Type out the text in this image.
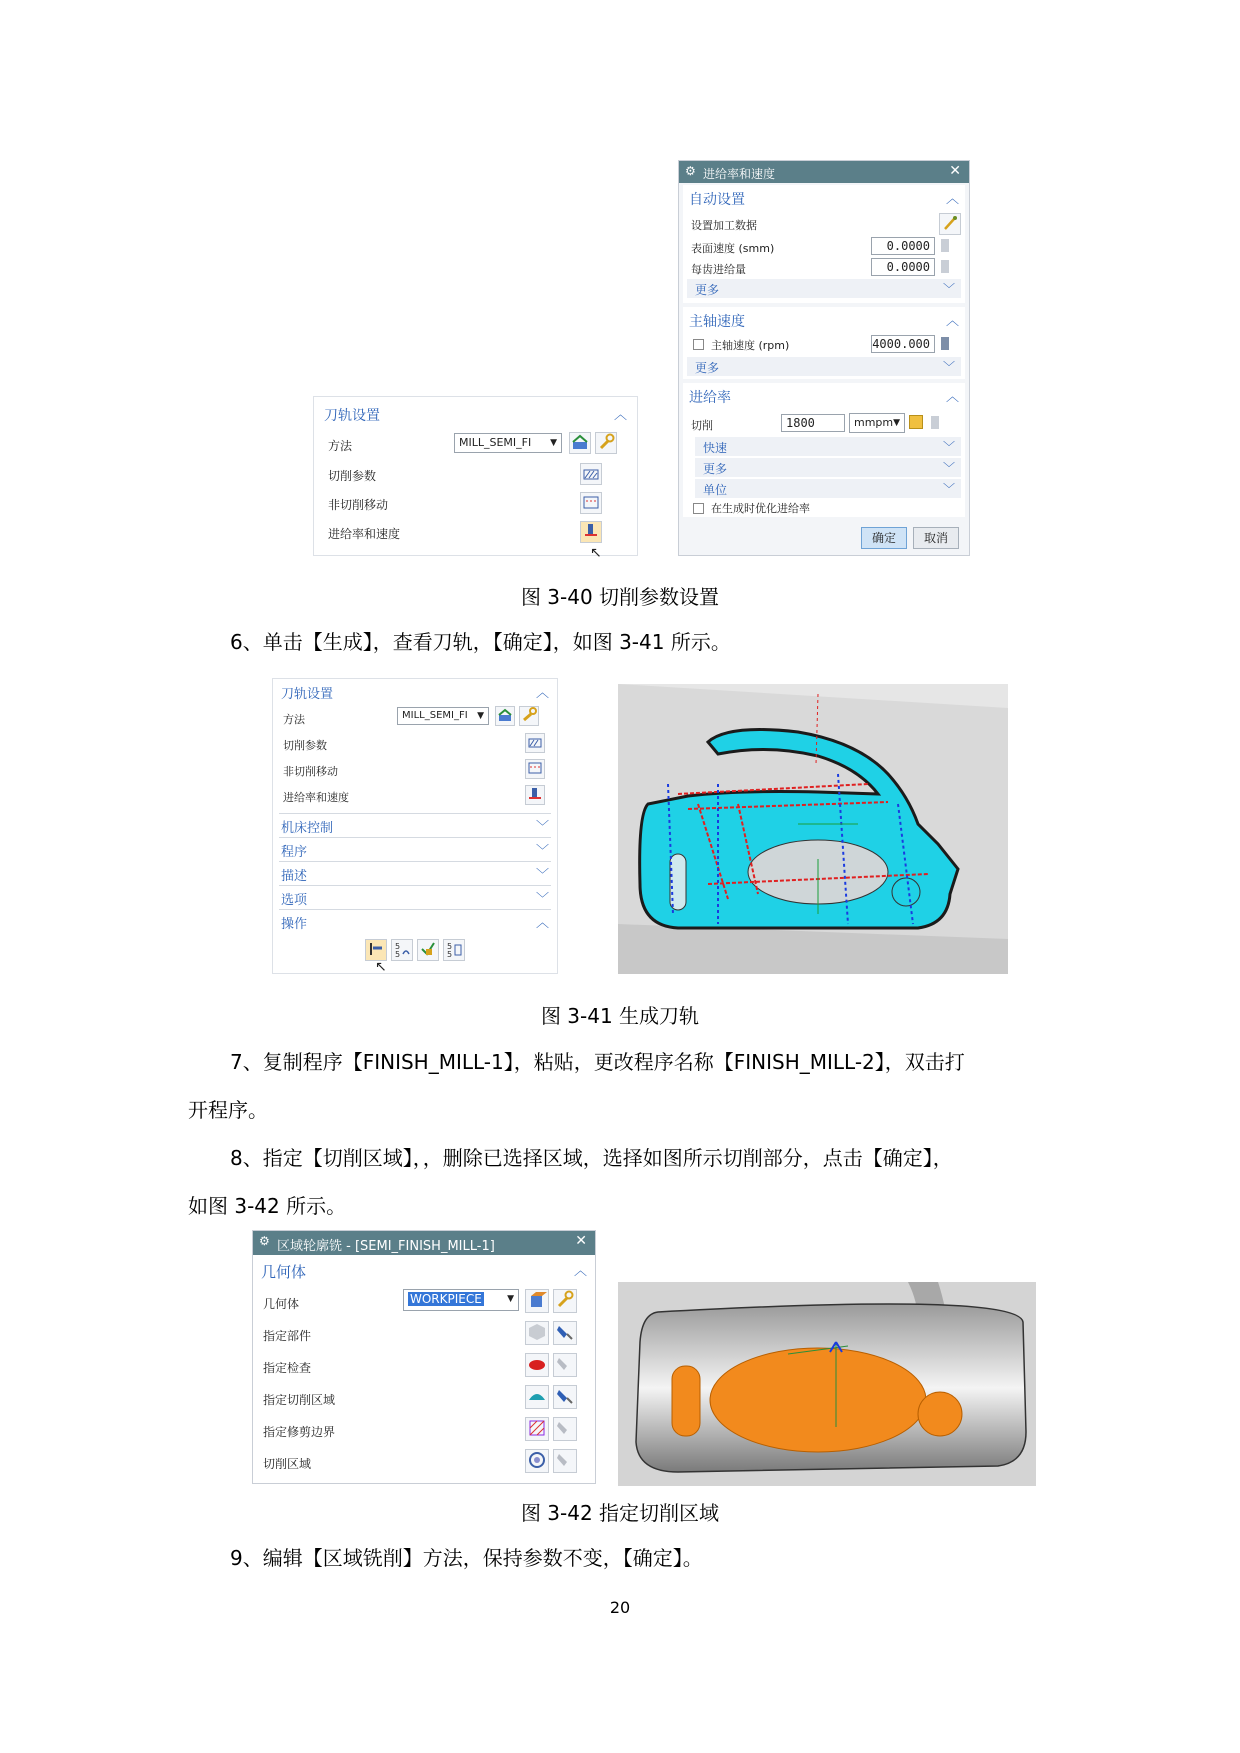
刀轨设置	︿
方法	MILL_SEMI_FI ▼
切削参数
非切削移动
进给率和速度
↖
⚙ 进给率和速度	✕
自动设置	︿
设置加工数据
表面速度 (smm)	0.0000
每齿进给量	0.0000
更多	﹀
主轴速度	︿
主轴速度 (rpm)	4000.000
更多	﹀
进给率	︿
切削	1800	mmpm ▼
快速	﹀
更多	﹀
单位	﹀
在生成时优化进给率
确定	取消
图 3-40 切削参数设置
6、单击【生成】，查看刀轨，【确定】，如图 3-41 所示。
刀轨设置	︿
方法	MILL_SEMI_FI ▼
切削参数
非切削移动
进给率和速度
机床控制	﹀
程序	﹀
描述	﹀
选项	﹀
操作	︿
5
5
5
5
↖
图 3-41 生成刀轨
7、复制程序【FINISH_MILL-1】，粘贴，更改程序名称【FINISH_MILL-2】，双击打
开程序。
8、指定【切削区域】，，删除已选择区域，选择如图所示切削部分，点击【确定】，
如图 3-42 所示。
⚙ 区域轮廓铣 - [SEMI_FINISH_MILL-1]	✕
几何体	︿
几何体	WORKPIECE	▼
指定部件
指定检查
指定切削区域
指定修剪边界
切削区域
图 3-42 指定切削区域
9、编辑【区域铣削】方法，保持参数不变，【确定】。
20
